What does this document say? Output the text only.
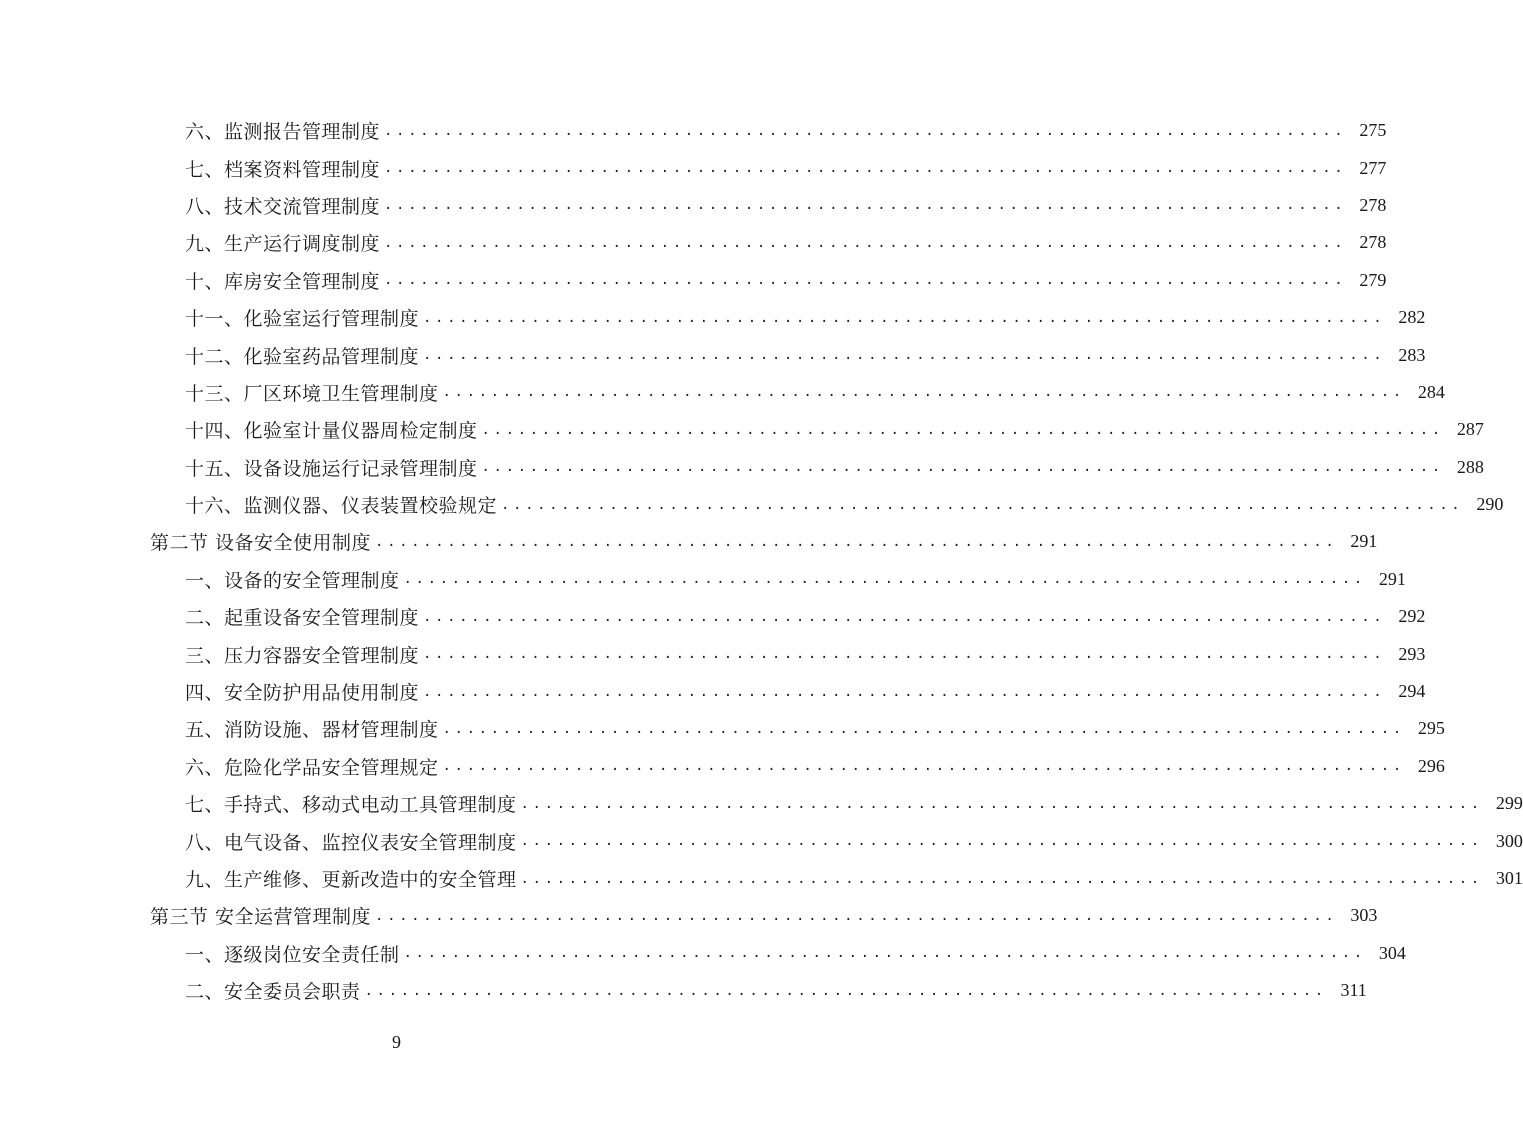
六、监测报告管理制度 ................................................................................ 275
七、档案资料管理制度 ................................................................................ 277
八、技术交流管理制度 ................................................................................ 278
九、生产运行调度制度 ................................................................................ 278
十、库房安全管理制度 ................................................................................ 279
十一、化验室运行管理制度 ................................................................................ 282
十二、化验室药品管理制度 ................................................................................ 283
十三、厂区环境卫生管理制度 ................................................................................ 284
十四、化验室计量仪器周检定制度 ................................................................................ 287
十五、设备设施运行记录管理制度 ................................................................................ 288
十六、监测仪器、仪表装置校验规定 ................................................................................ 290
第二节 设备安全使用制度 ................................................................................ 291
一、设备的安全管理制度 ................................................................................ 291
二、起重设备安全管理制度 ................................................................................ 292
三、压力容器安全管理制度 ................................................................................ 293
四、安全防护用品使用制度 ................................................................................ 294
五、消防设施、器材管理制度 ................................................................................ 295
六、危险化学品安全管理规定 ................................................................................ 296
七、手持式、移动式电动工具管理制度 ................................................................................ 299
八、电气设备、监控仪表安全管理制度 ................................................................................ 300
九、生产维修、更新改造中的安全管理 ................................................................................ 301
第三节 安全运营管理制度 ................................................................................ 303
一、逐级岗位安全责任制 ................................................................................ 304
二、安全委员会职责 ................................................................................ 311
9
